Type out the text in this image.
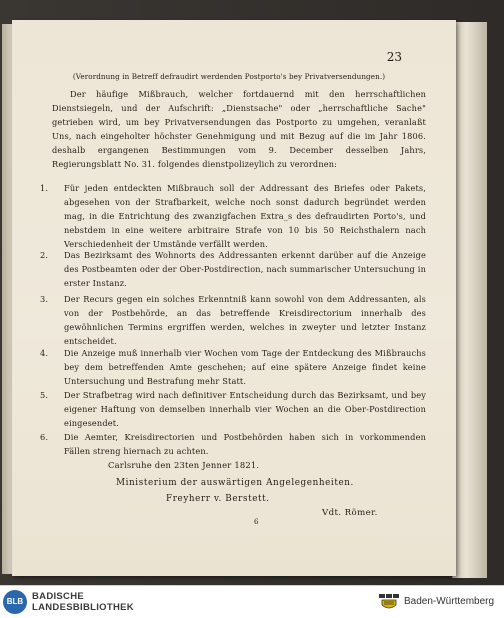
23
(Verordnung in Betreff defraudirt werdenden Postporto's bey Privatversendungen.)
Der häufige Mißbrauch, welcher fortdauernd mit den herrschaftlichen Dienstsiegeln, und der Aufschrift: „Dienstsache" oder „herrschaftliche Sache" getrieben wird, um bey Privatversendungen das Postporto zu umgehen, veranlaßt Uns, nach eingeholter höchster Genehmigung und mit Bezug auf die im Jahr 1806. deshalb ergangenen Bestimmungen vom 9. December desselben Jahrs, Regierungsblatt No. 31. folgendes dienstpolizeylich zu verordnen:
1. Für jeden entdeckten Mißbrauch soll der Addressant des Briefes oder Pakets, abgesehen von der Strafbarkeit, welche noch sonst dadurch begründet werden mag, in die Entrichtung des zwanzigfachen Extra_s des defraudirten Porto's, und nebstdem in eine weitere arbitraire Strafe von 10 bis 50 Reichsthalern nach Verschiedenheit der Umstände verfällt werden.
2. Das Bezirksamt des Wohnorts des Addressanten erkennt darüber auf die Anzeige des Postbeamten oder der Ober-Postdirection, nach summarischer Untersuchung in erster Instanz.
3. Der Recurs gegen ein solches Erkenntniß kann sowohl von dem Addressanten, als von der Postbehörde, an das betreffende Kreisdirectorium innerhalb des gewöhnlichen Termins ergriffen werden, welches in zweyter und letzter Instanz entscheidet.
4. Die Anzeige muß innerhalb vier Wochen vom Tage der Entdeckung des Mißbrauchs bey dem betreffenden Amte geschehen; auf eine spätere Anzeige findet keine Untersuchung und Bestrafung mehr Statt.
5. Der Strafbetrag wird nach definitiver Entscheidung durch das Bezirksamt, und bey eigener Haftung von demselben innerhalb vier Wochen an die Ober-Postdirection eingesendet.
6. Die Aemter, Kreisdirectorien und Postbehörden haben sich in vorkommenden Fällen streng hiernach zu achten.
Carlsruhe den 23ten Jenner 1821.
Ministerium der auswärtigen Angelegenheiten.
Freyherr v. Berstett.
Vdt. Römer.
6
BLB BADISCHE
LANDESBIBLIOTHEK
Baden-Württemberg
